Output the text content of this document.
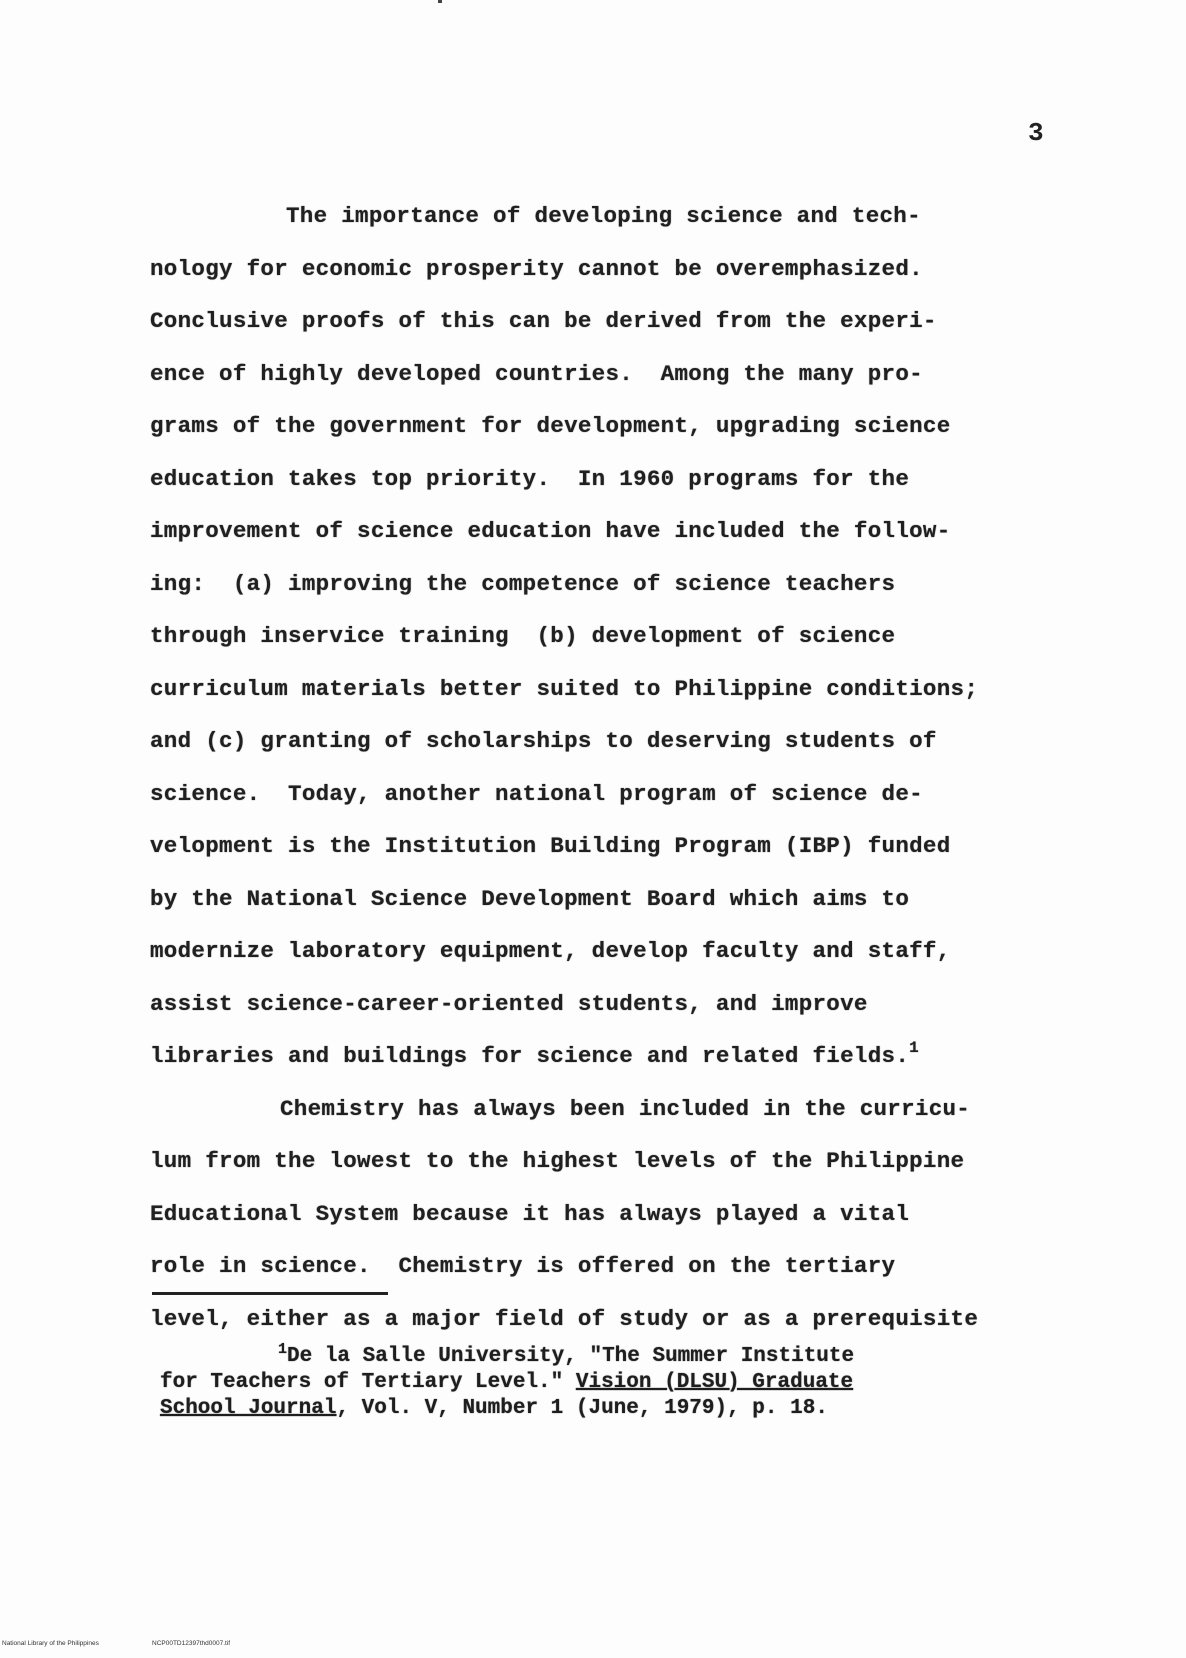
3
The importance of developing science and tech-
nology for economic prosperity cannot be overemphasized.
Conclusive proofs of this can be derived from the experi-
ence of highly developed countries.  Among the many pro-
grams of the government for development, upgrading science
education takes top priority.  In 1960 programs for the
improvement of science education have included the follow-
ing:  (a) improving the competence of science teachers
through inservice training  (b) development of science
curriculum materials better suited to Philippine conditions;
and (c) granting of scholarships to deserving students of
science.  Today, another national program of science de-
velopment is the Institution Building Program (IBP) funded
by the National Science Development Board which aims to
modernize laboratory equipment, develop faculty and staff,
assist science-career-oriented students, and improve
libraries and buildings for science and related fields.$^1$
Chemistry has always been included in the curricu-
lum from the lowest to the highest levels of the Philippine
Educational System because it has always played a vital
role in science.  Chemistry is offered on the tertiary
level, either as a major field of study or as a prerequisite
$^1$De la Salle University, "The Summer Institute
for Teachers of Tertiary Level." Vision (DLSU) Graduate
School Journal, Vol. V, Number 1 (June, 1979), p. 18.
National Library of the Philippines	NCP00TD12397thd0007.tif
